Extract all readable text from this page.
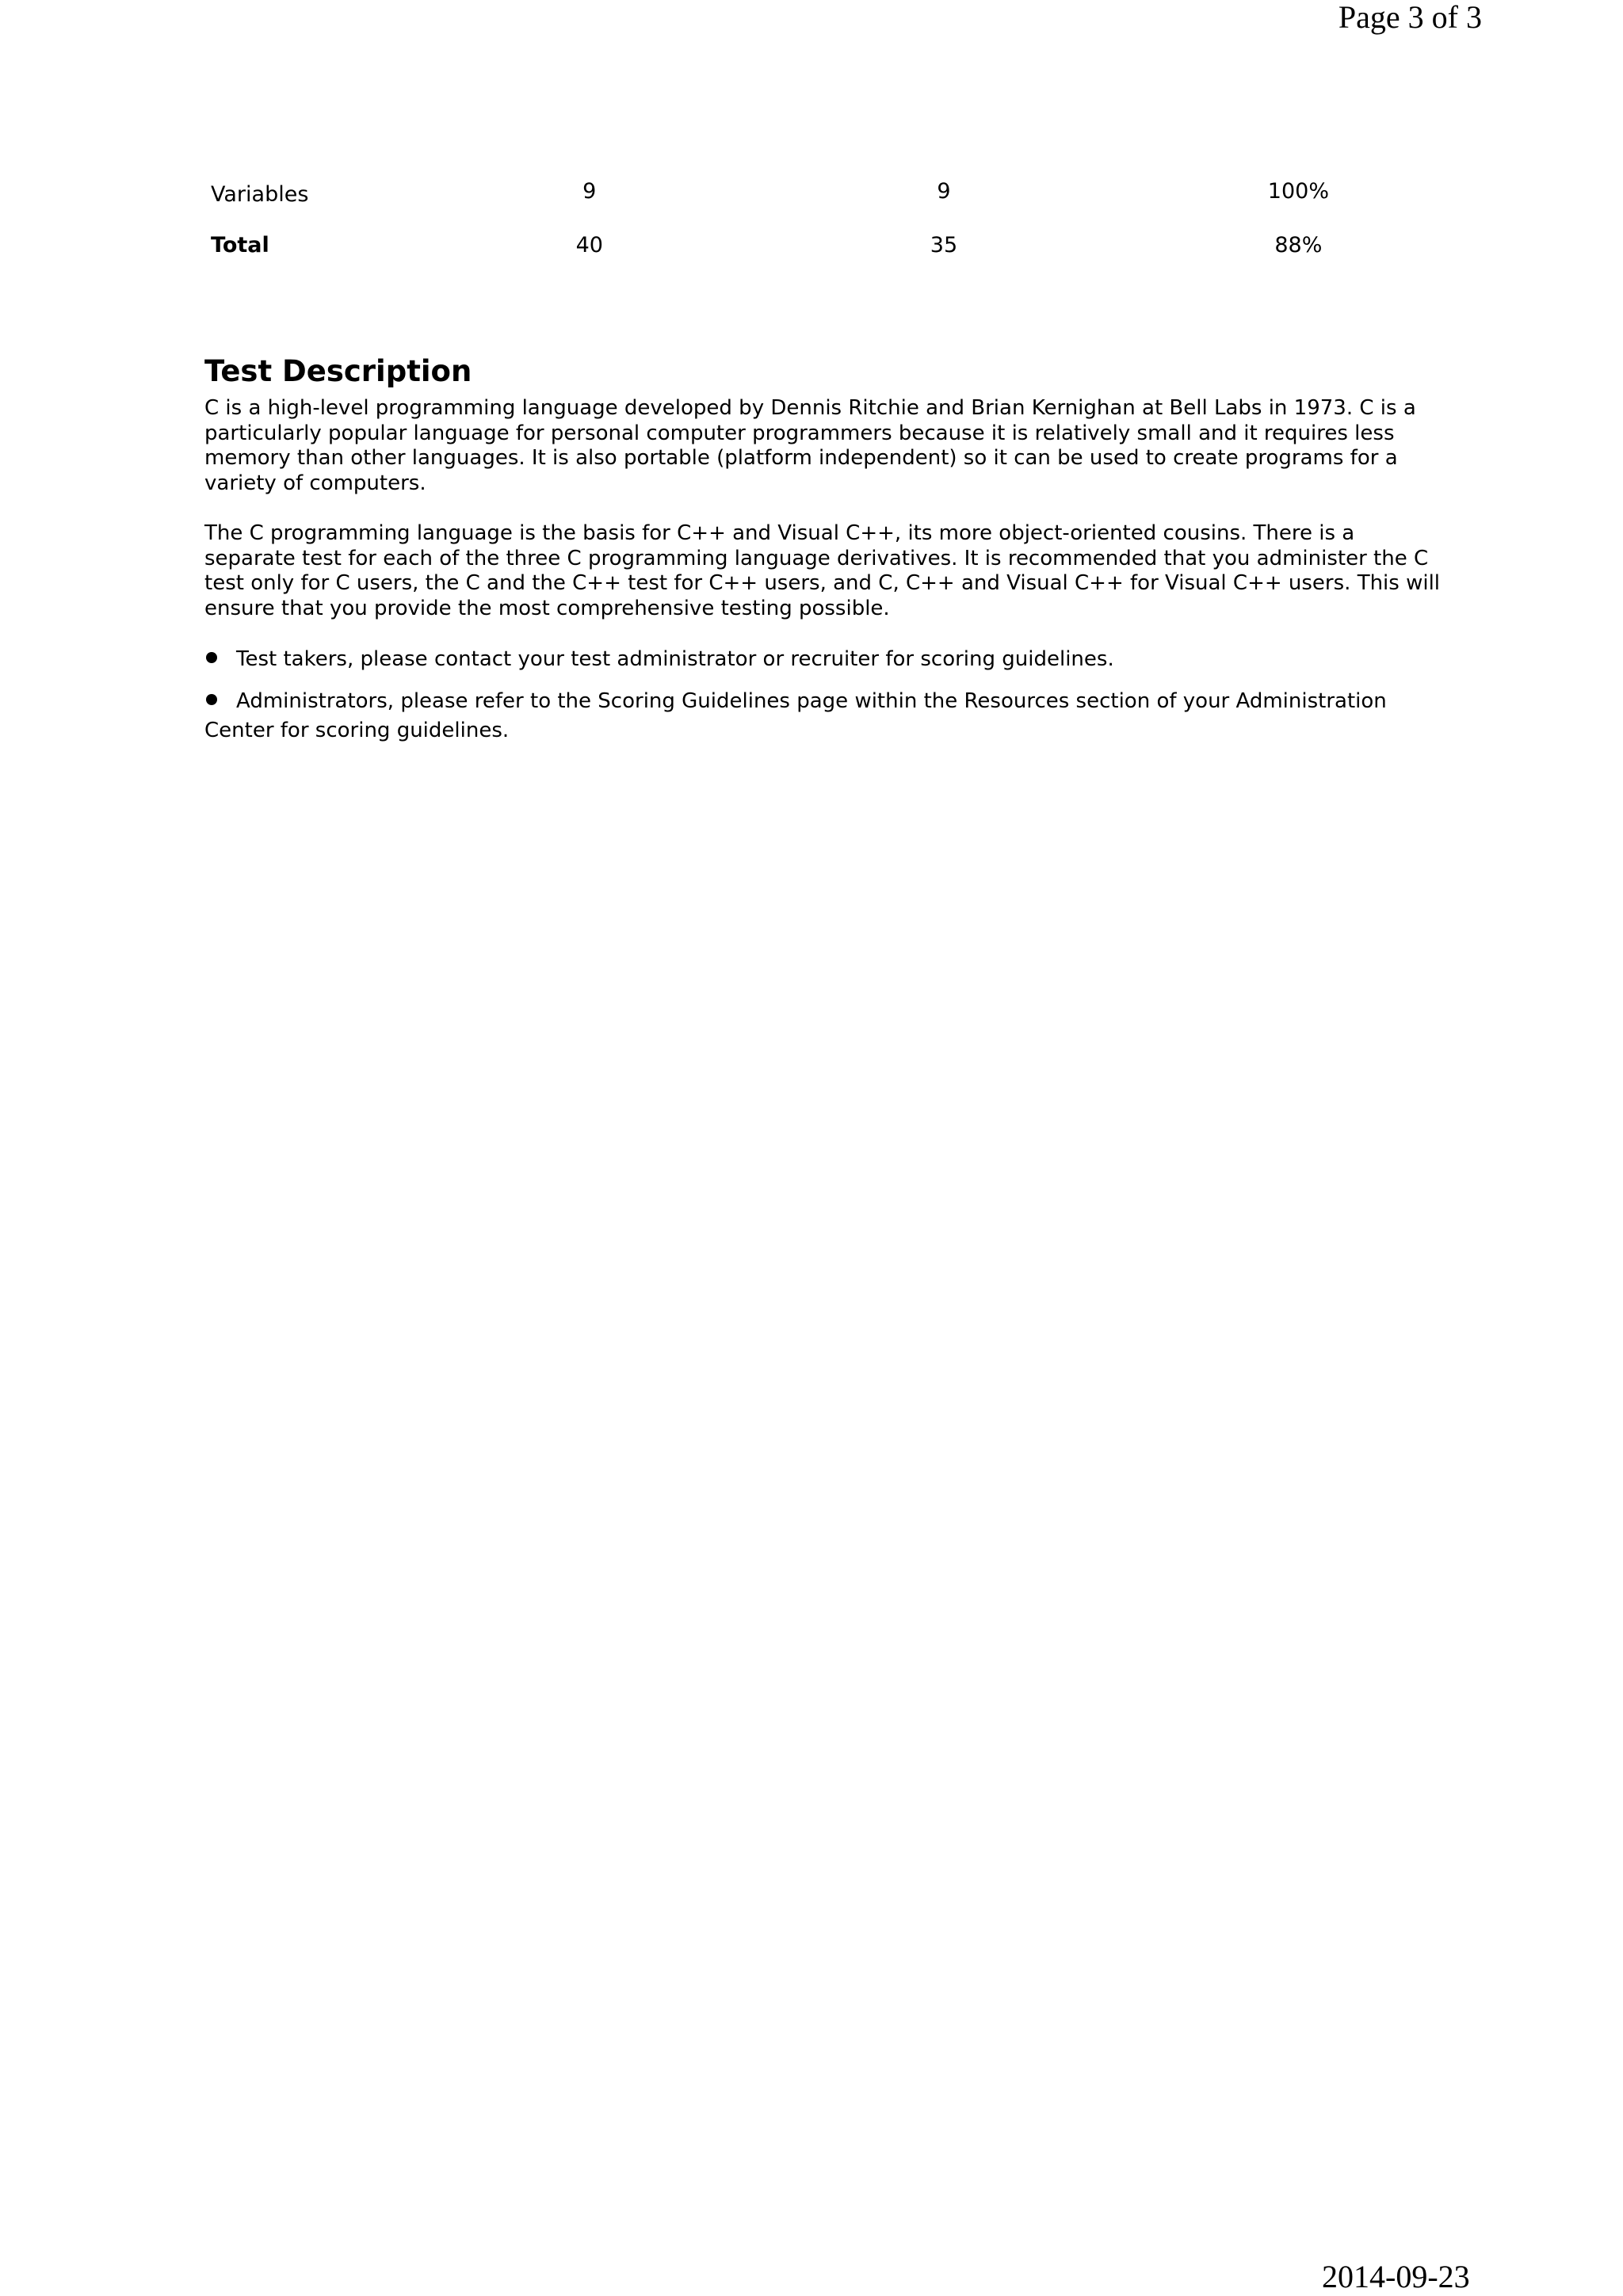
Page 3 of 3
Variables	9	9	100%
Total	40	35	88%
Test Description

C is a high-level programming language developed by Dennis Ritchie and Brian Kernighan at Bell Labs in 1973. C is a particularly popular language for personal computer programmers because it is relatively small and it requires less memory than other languages. It is also portable (platform independent) so it can be used to create programs for a variety of computers.

The C programming language is the basis for C++ and Visual C++, its more object-oriented cousins. There is a separate test for each of the three C programming language derivatives. It is recommended that you administer the C test only for C users, the C and the C++ test for C++ users, and C, C++ and Visual C++ for Visual C++ users. This will ensure that you provide the most comprehensive testing possible.

Test takers, please contact your test administrator or recruiter for scoring guidelines.
Administrators, please refer to the Scoring Guidelines page within the Resources section of your Administration Center for scoring guidelines.
2014-09-23
